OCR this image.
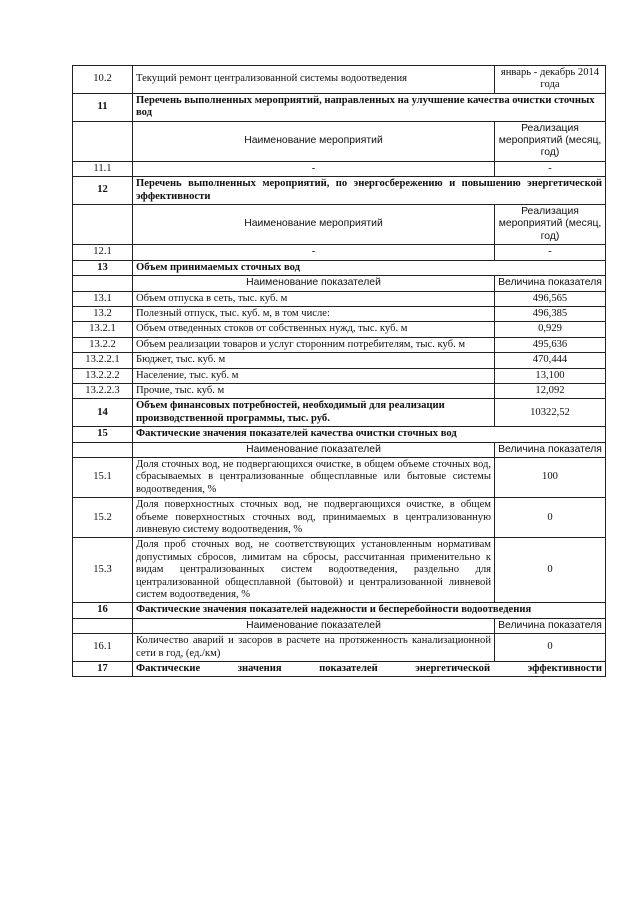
10.2	Текущий ремонт централизованной системы водоотведения	январь - декабрь 2014 года
11	Перечень выполненных мероприятий, направленных на улучшение качества очистки сточных вод	
	Наименование мероприятий	Реализация мероприятий (месяц, год)
11.1	-	-
12	Перечень выполненных мероприятий, по энергосбережению и повышению энергетической эффективности	
	Наименование мероприятий	Реализация мероприятий (месяц, год)
12.1	-	-
13	Объем принимаемых сточных вод	
	Наименование показателей	Величина показателя
13.1	Объем отпуска в сеть, тыс. куб. м	496,565
13.2	Полезный отпуск, тыс. куб. м, в том числе:	496,385
13.2.1	Объем отведенных стоков от собственных нужд, тыс. куб. м	0,929
13.2.2	Объем реализации товаров и услуг сторонним потребителям, тыс. куб. м	495,636
13.2.2.1	Бюджет, тыс. куб. м	470,444
13.2.2.2	Население, тыс. куб. м	13,100
13.2.2.3	Прочие, тыс. куб. м	12,092
14	Объем финансовых потребностей, необходимый для реализации производственной программы, тыс. руб.	10322,52
15	Фактические значения показателей качества очистки сточных вод	
	Наименование показателей	Величина показателя
15.1	Доля сточных вод, не подвергающихся очистке, в общем объеме сточных вод, сбрасываемых в централизованные общесплавные или бытовые системы водоотведения, %	100
15.2	Доля поверхностных сточных вод, не подвергающихся очистке, в общем объеме поверхностных сточных вод, принимаемых в централизованную ливневую систему водоотведения, %	0
15.3	Доля проб сточных вод, не соответствующих установленным нормативам допустимых сбросов, лимитам на сбросы, рассчитанная применительно к видам централизованных систем водоотведения, раздельно для централизованной общесплавной (бытовой) и централизованной ливневой систем водоотведения, %	0
16	Фактические значения показателей надежности и бесперебойности водоотведения	
	Наименование показателей	Величина показателя
16.1	Количество аварий и засоров в расчете на протяженность канализационной сети в год, (ед./км)	0
17	Фактические значения показателей энергетической эффективности	
